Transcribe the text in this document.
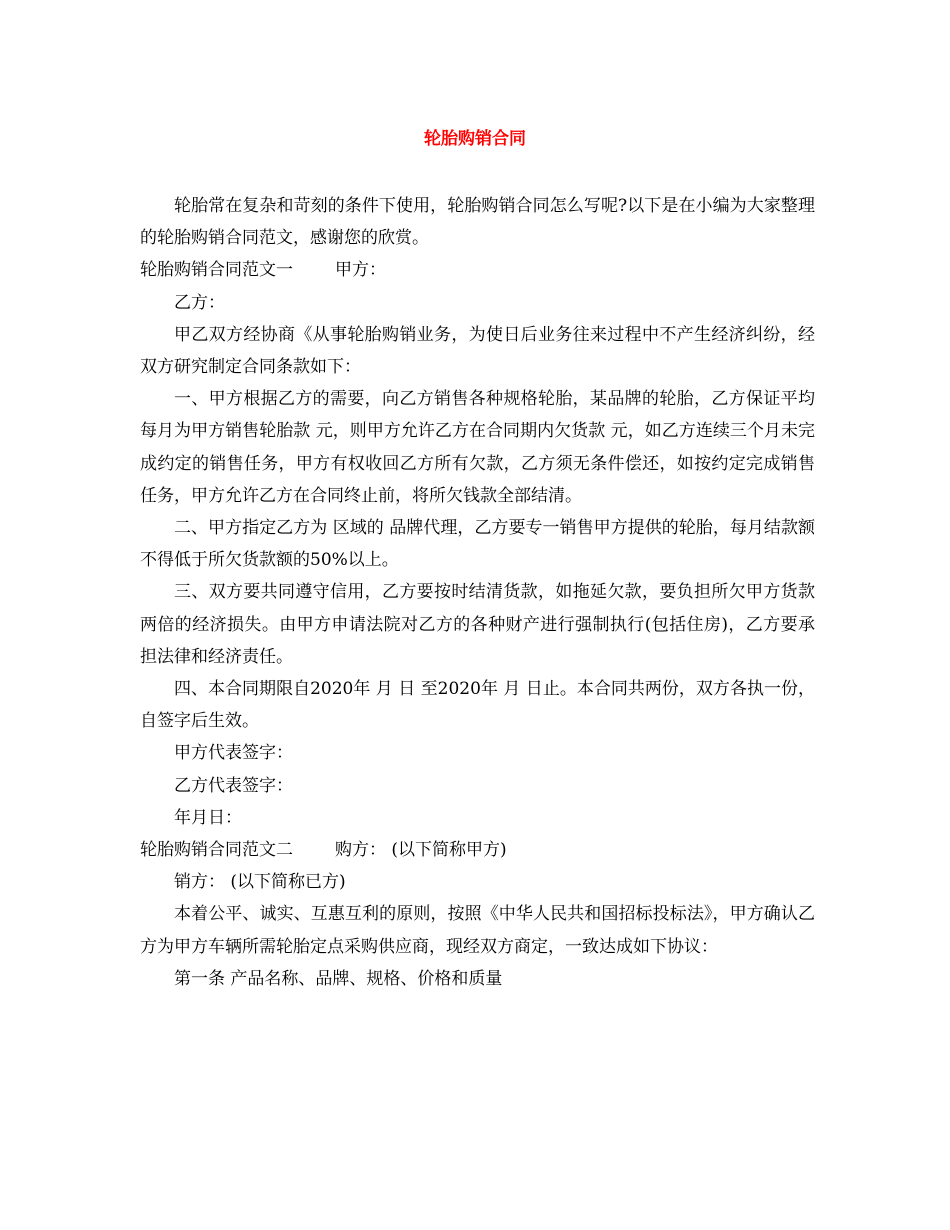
轮胎购销合同

轮胎常在复杂和苛刻的条件下使用，轮胎购销合同怎么写呢?以下是在小编为大家整理的轮胎购销合同范文，感谢您的欣赏。

轮胎购销合同范文一 甲方：

乙方：

甲乙双方经协商《从事轮胎购销业务，为使日后业务往来过程中不产生经济纠纷，经双方研究制定合同条款如下：

一、甲方根据乙方的需要，向乙方销售各种规格轮胎，某品牌的轮胎，乙方保证平均每月为甲方销售轮胎款 元，则甲方允许乙方在合同期内欠货款 元，如乙方连续三个月未完成约定的销售任务，甲方有权收回乙方所有欠款，乙方须无条件偿还，如按约定完成销售任务，甲方允许乙方在合同终止前，将所欠钱款全部结清。

二、甲方指定乙方为 区域的 品牌代理，乙方要专一销售甲方提供的轮胎，每月结款额不得低于所欠货款额的50%以上。

三、双方要共同遵守信用，乙方要按时结清货款，如拖延欠款，要负担所欠甲方货款两倍的经济损失。由甲方申请法院对乙方的各种财产进行强制执行(包括住房)，乙方要承担法律和经济责任。

四、本合同期限自2020年 月 日 至2020年 月 日止。本合同共两份，双方各执一份，自签字后生效。

甲方代表签字：

乙方代表签字：

年月日：

轮胎购销合同范文二 购方： (以下简称甲方)

销方： (以下简称已方)

本着公平、诚实、互惠互利的原则，按照《中华人民共和国招标投标法》，甲方确认乙方为甲方车辆所需轮胎定点采购供应商，现经双方商定，一致达成如下协议：

第一条 产品名称、品牌、规格、价格和质量
